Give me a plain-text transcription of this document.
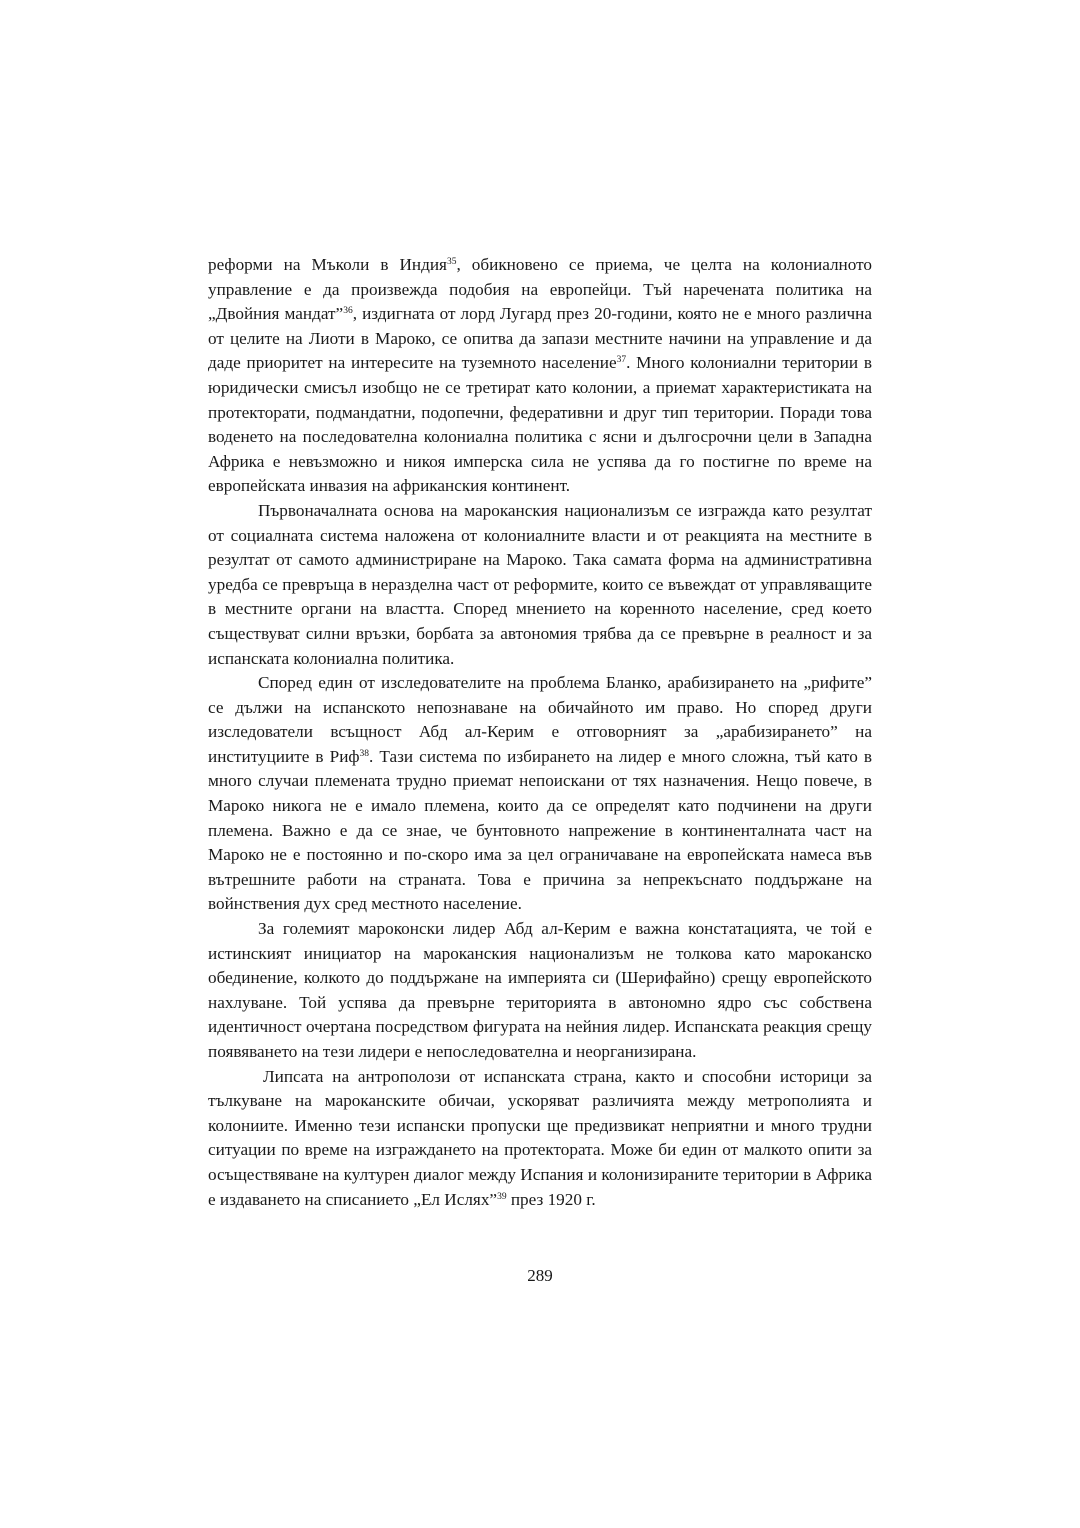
реформи на Мъколи в Индия$^{35}$, обикновено се приема, че целта на колониалното управление е да произвежда подобия на европейци. Тъй наречената политика на „Двойния мандат”$^{36}$, издигната от лорд Лугард през 20-години, която не е много различна от целите на Лиоти в Мароко, се опитва да запази местните начини на управление и да даде приоритет на интересите на туземното население$^{37}$. Много колониални територии в юридически смисъл изобщо не се третират като колонии, а приемат характеристиката на протекторати, подмандатни, подопечни, федеративни и друг тип територии. Поради това воденето на последователна колониална политика с ясни и дългосрочни цели в Западна Африка е невъзможно и никоя имперска сила не успява да го постигне по време на европейската инвазия на африканския континент.

Първоначалната основа на мароканския национализъм се изгражда като резултат от социалната система наложена от колониалните власти и от реакцията на местните в резултат от самото администриране на Мароко. Така самата форма на административна уредба се превръща в неразделна част от реформите, които се въвеждат от управляващите в местните органи на властта. Според мнението на коренното население, сред което съществуват силни връзки, борбата за автономия трябва да се превърне в реалност и за испанската колониална политика.

Според един от изследователите на проблема Бланко, арабизирането на „рифите” се дължи на испанското непознаване на обичайното им право. Но според други изследователи всъщност Абд ал-Керим е отговорният за „арабизирането” на институциите в Риф$^{38}$. Тази система по избирането на лидер е много сложна, тъй като в много случаи племената трудно приемат непоискани от тях назначения. Нещо повече, в Мароко никога не е имало племена, които да се определят като подчинени на други племена. Важно е да се знае, че бунтовното напрежение в континенталната част на Мароко не е постоянно и по-скоро има за цел ограничаване на европейската намеса във вътрешните работи на страната. Това е причина за непрекъснато поддържане на войнствения дух сред местното население.

За големият мароконски лидер Абд ал-Керим е важна констатацията, че той е истинският инициатор на мароканския национализъм не толкова като мароканско обединение, колкото до поддържане на империята си (Шерифайно) срещу европейското нахлуване. Той успява да превърне територията в автономно ядро със собствена идентичност очертана посредством фигурата на нейния лидер. Испанската реакция срещу появяването на тези лидери е непоследователна и неорганизирана.

Липсата на антрополози от испанската страна, както и способни историци за тълкуване на мароканските обичаи, ускоряват различията между метрополията и колониите. Именно тези испански пропуски ще предизвикат неприятни и много трудни ситуации по време на изграждането на протектората. Може би един от малкото опити за осъществяване на културен диалог между Испания и колонизираните територии в Африка е издаването на списанието „Ел Ислях”$^{39}$ през 1920 г.

289
